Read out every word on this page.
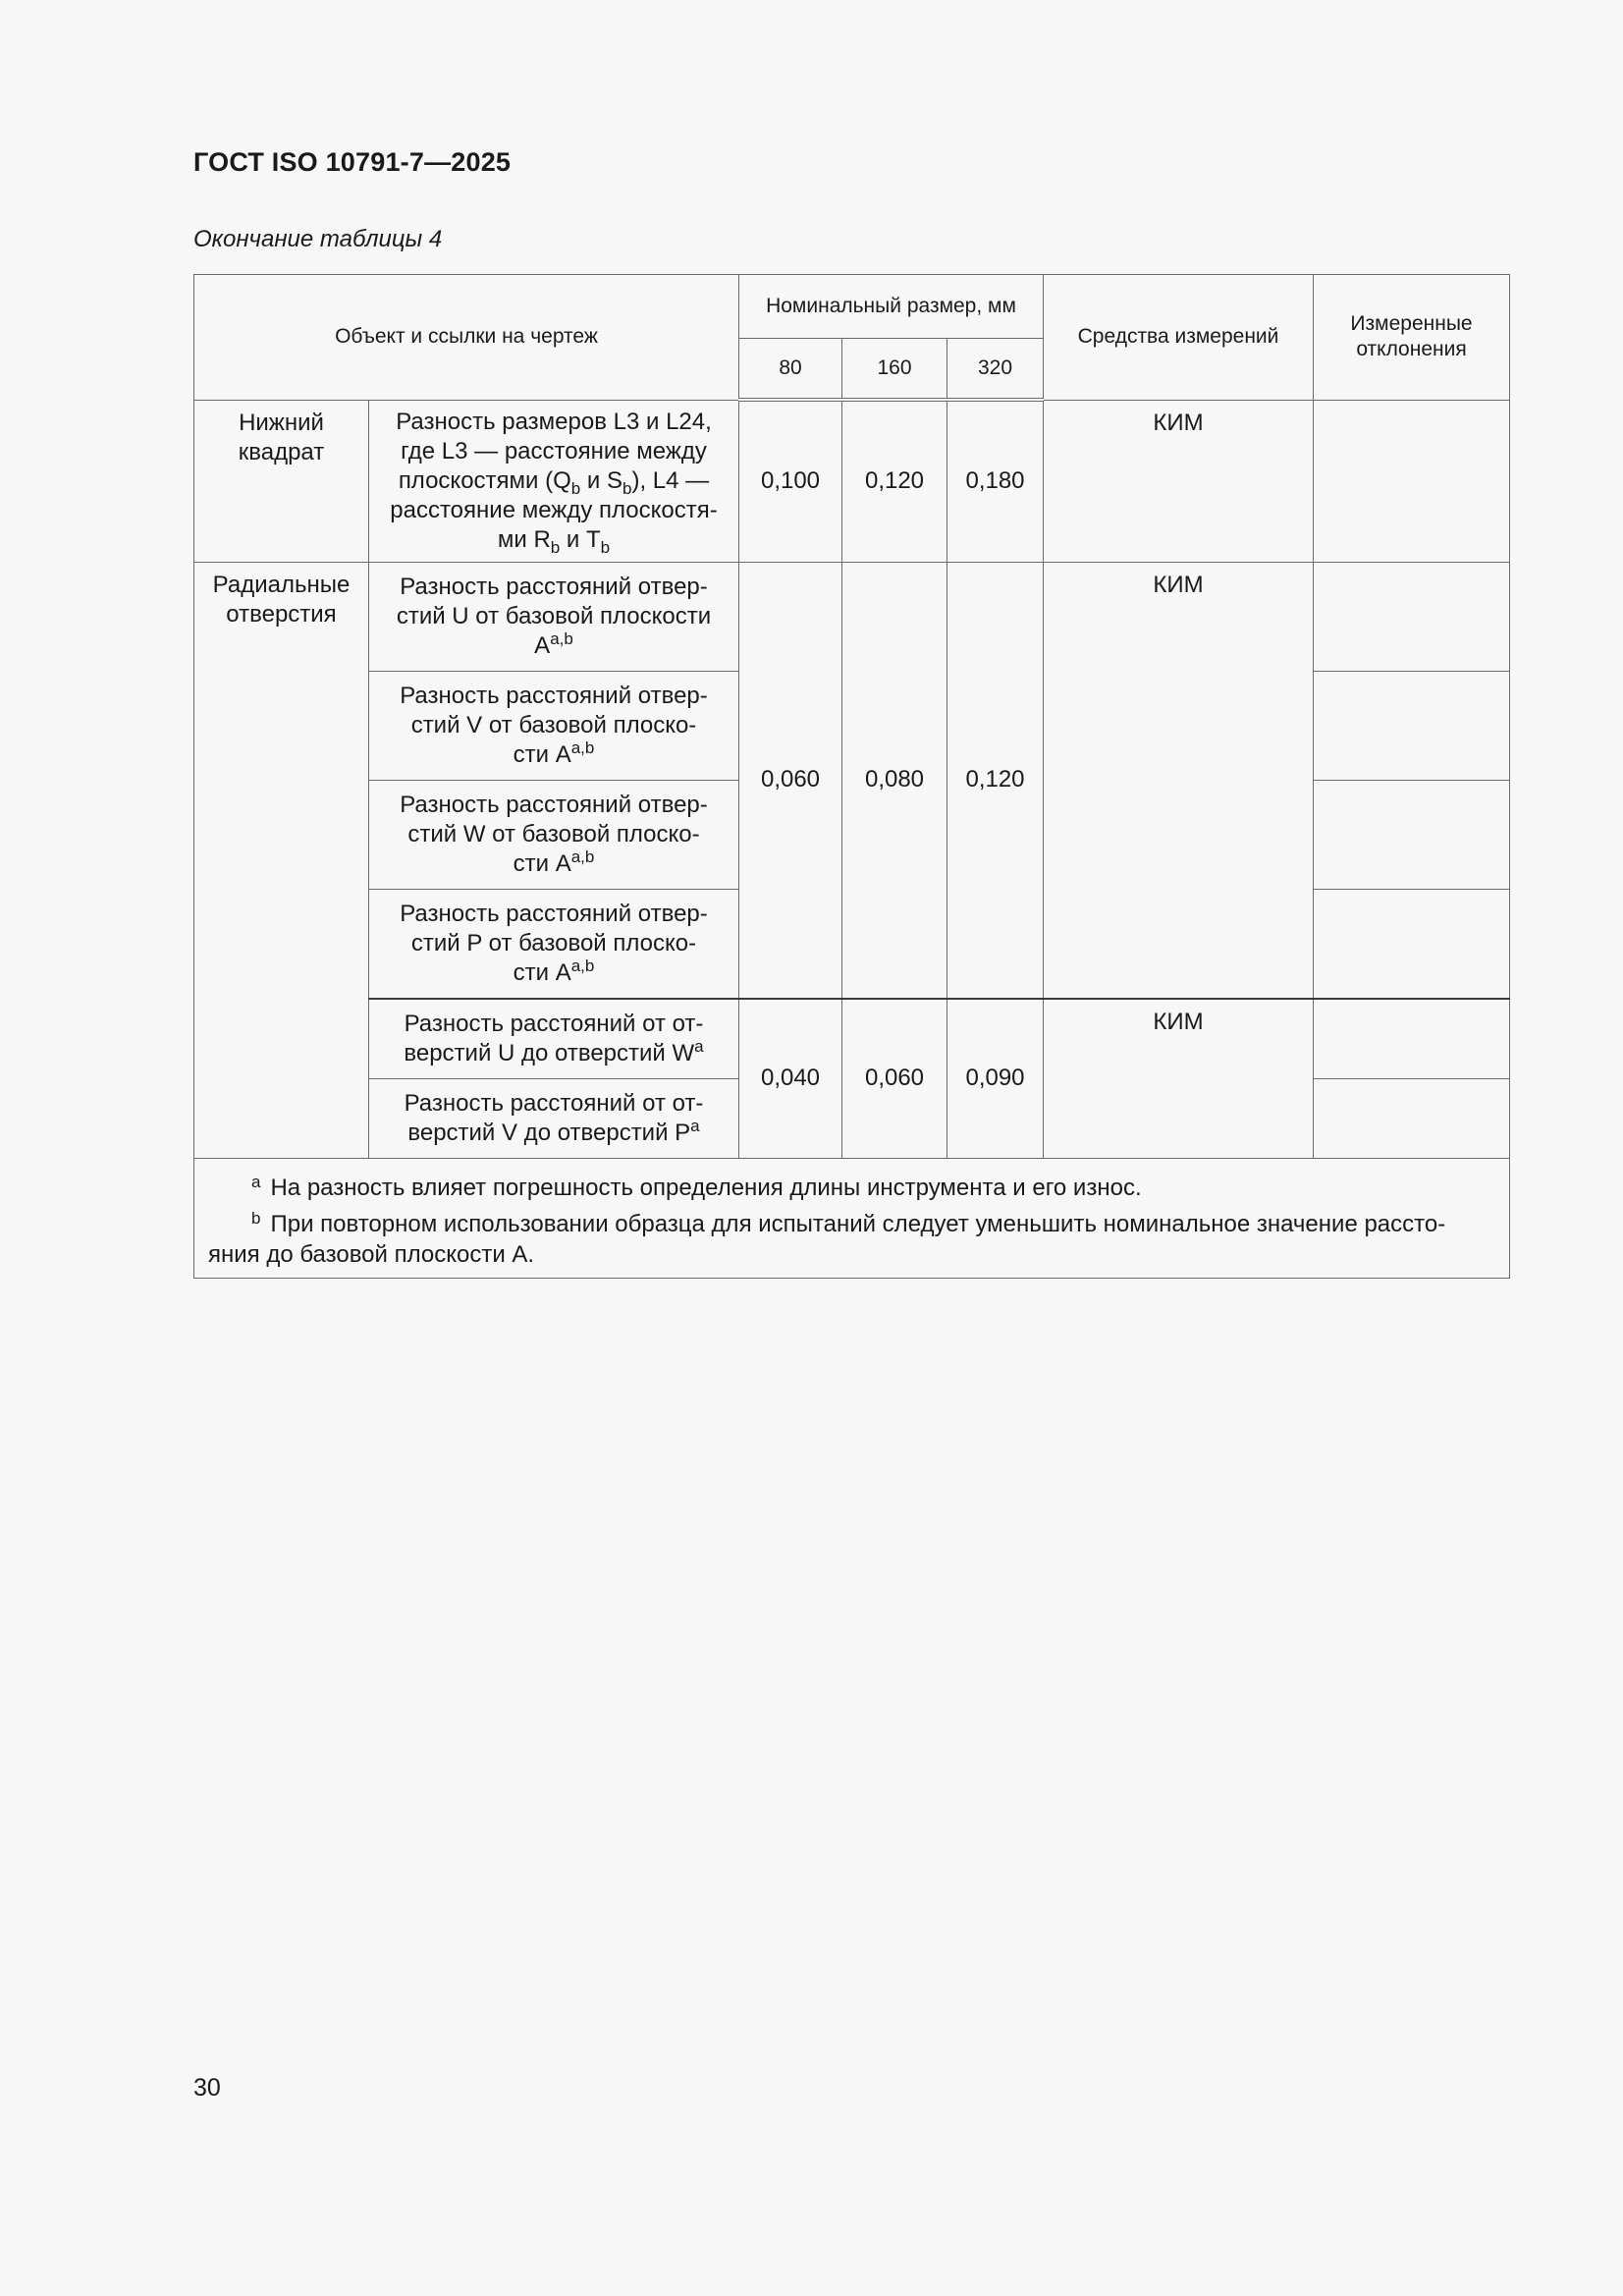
ГОСТ ISO 10791-7—2025
Окончание таблицы 4
Объект и ссылки на чертеж		Номинальный размер, мм			Средства измерений	Измеренные
отклонения

		80	160	320		

Нижний
квадрат	Разность размеров L3 и L24,
где L3 — расстояние между
плоскостями ($Q_b$ и $S_b$), L4 —
расстояние между плоскостя-
ми $R_b$ и $T_b$	0,100	0,120	0,180	КИМ	

Радиальные
отверстия	Разность расстояний отвер-
стий U от базовой плоскости
A$^{a,b}$	0,060	0,080	0,120	КИМ	

	Разность расстояний отвер-
стий V от базовой плоско-
сти A$^{a,b}$

	Разность расстояний отвер-
стий W от базовой плоско-
сти A$^{a,b}$

	Разность расстояний отвер-
стий P от базовой плоско-
сти A$^{a,b}$

	Разность расстояний от от-
верстий U до отверстий $W^a$	0,040	0,060	0,090	КИМ	

	Разность расстояний от от-
верстий V до отверстий $P^a$

$^a$ На разность влияет погрешность определения длины инструмента и его износ.
$^b$ При повторном использовании образца для испытаний следует уменьшить номинальное значение рассто-
яния до базовой плоскости A.						
30
